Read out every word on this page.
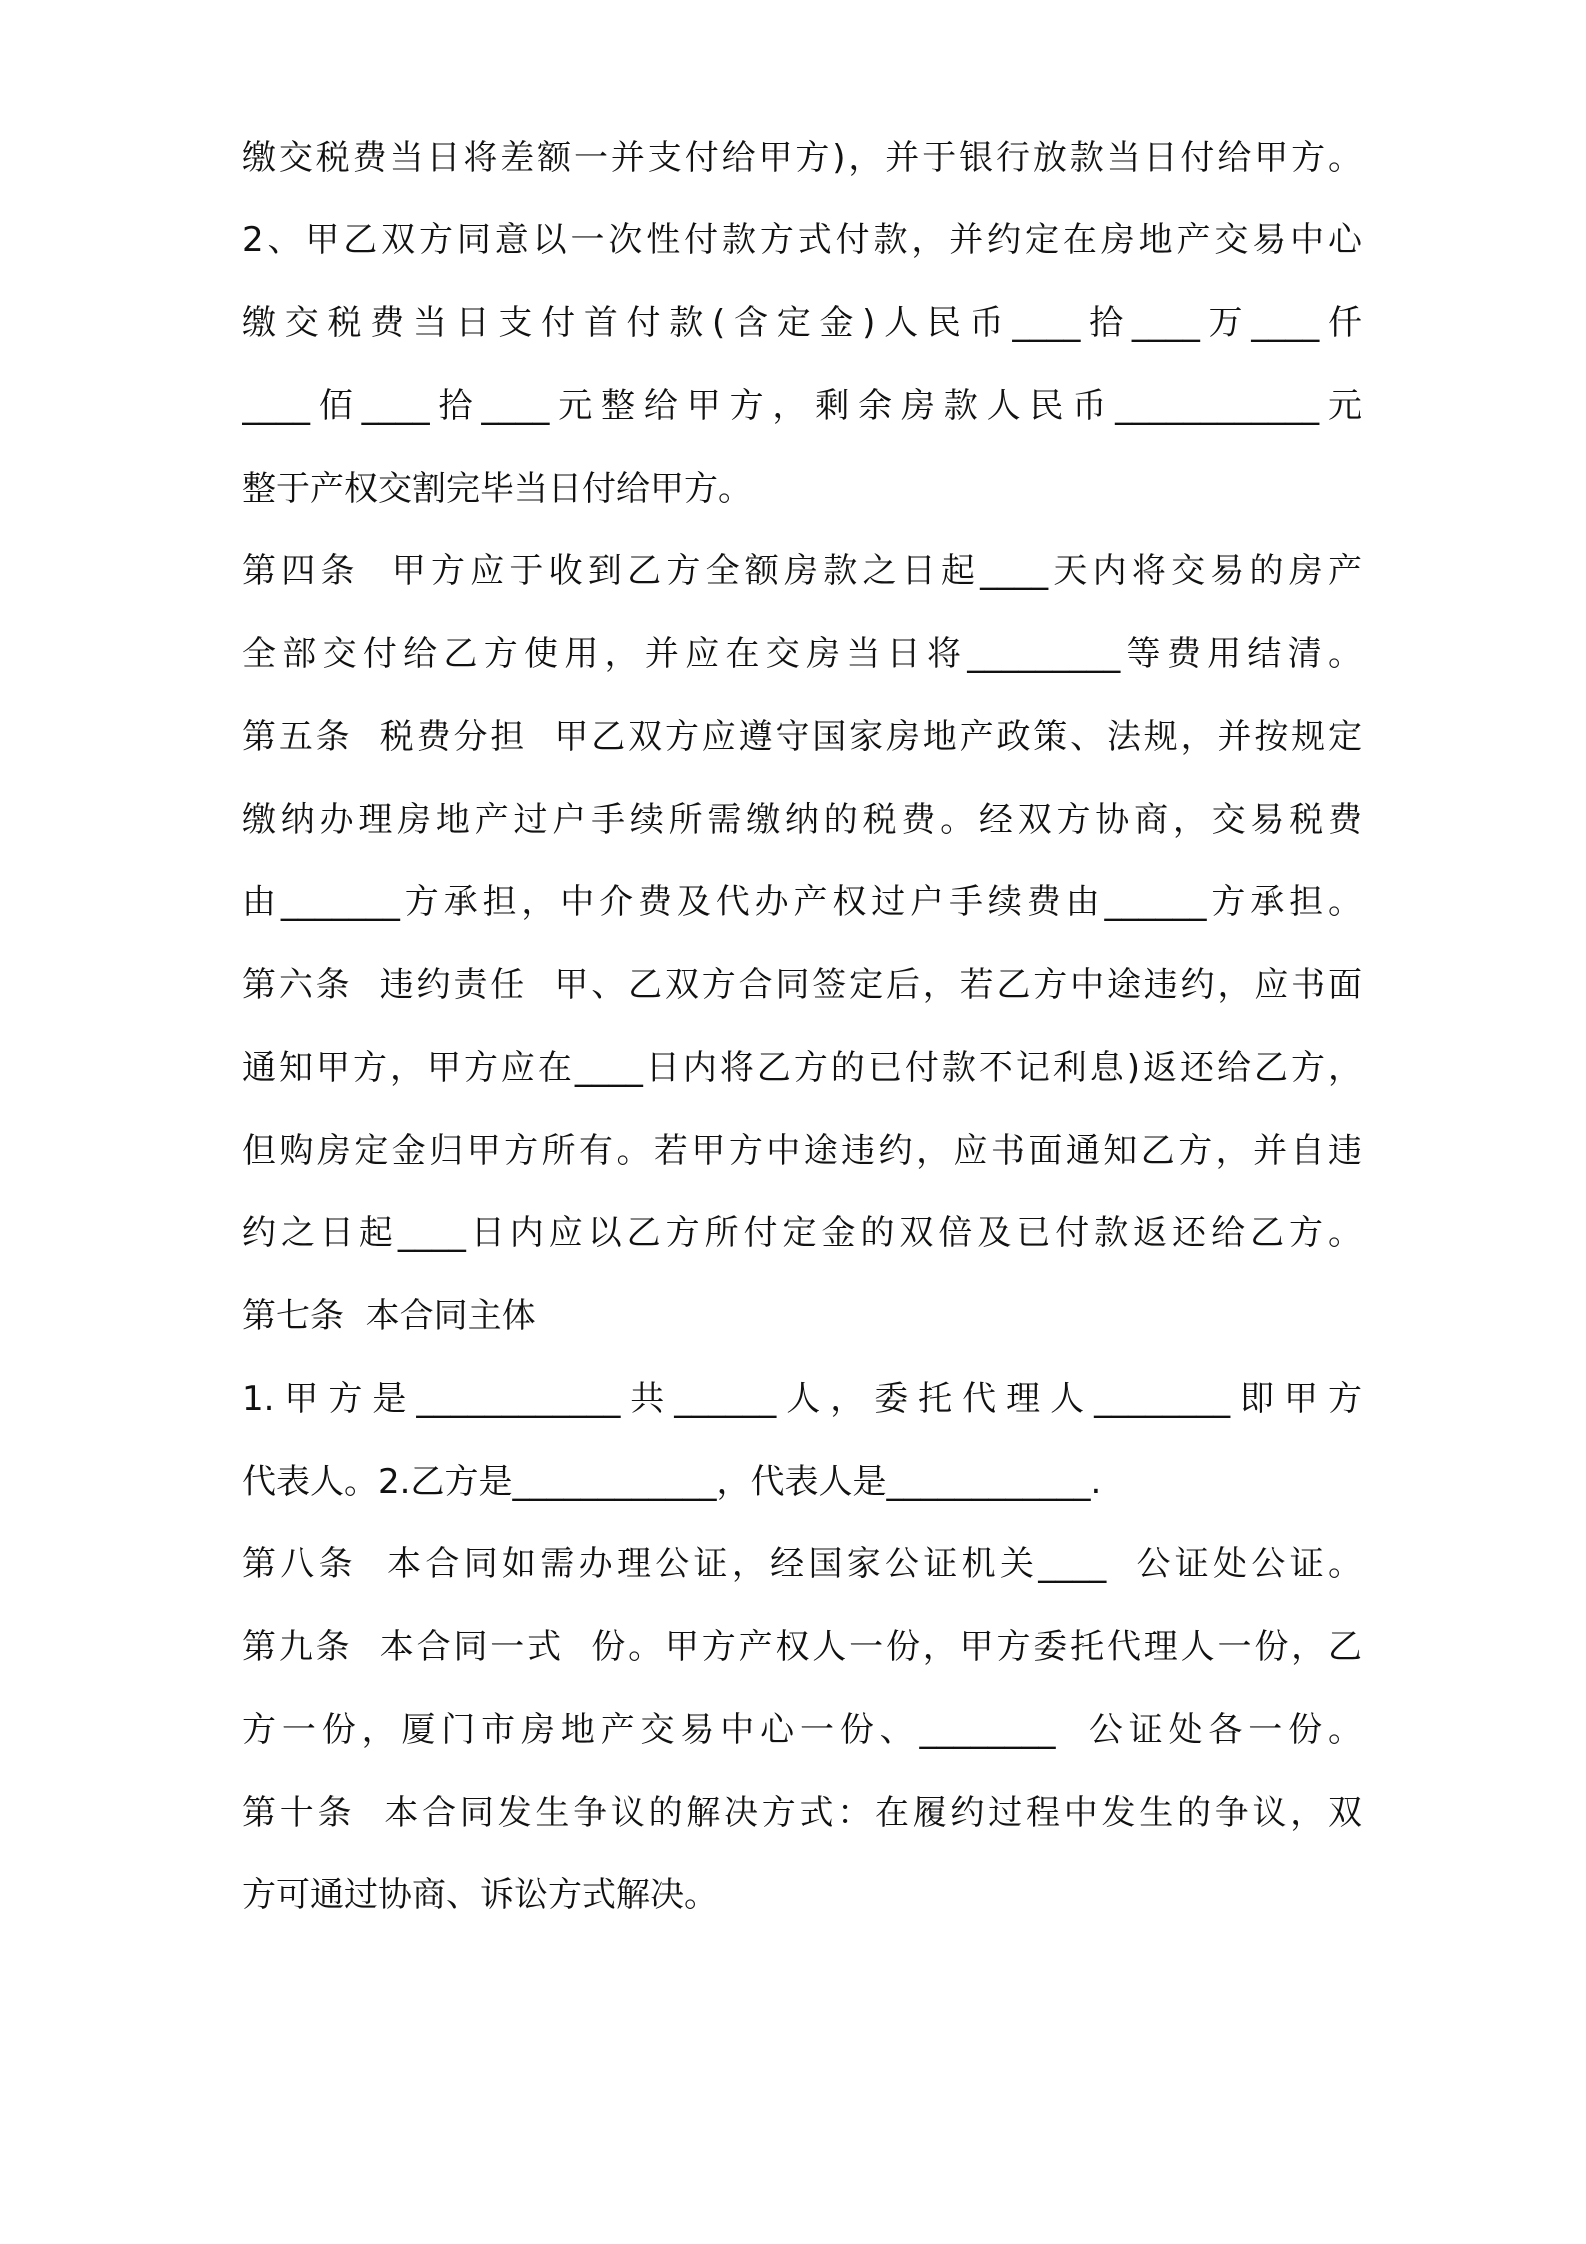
缴交税费当日将差额一并支付给甲方)，并于银行放款当日付给甲方。
2、甲乙双方同意以一次性付款方式付款，并约定在房地产交易中心
缴交税费当日支付首付款(含定金)人民币____拾____万____仟
____佰____拾____元整给甲方，剩余房款人民币____________元
整于产权交割完毕当日付给甲方。
第四条  甲方应于收到乙方全额房款之日起____天内将交易的房产
全部交付给乙方使用，并应在交房当日将_________等费用结清。
第五条  税费分担  甲乙双方应遵守国家房地产政策、法规，并按规定
缴纳办理房地产过户手续所需缴纳的税费。经双方协商，交易税费
由_______方承担，中介费及代办产权过户手续费由______方承担。
第六条  违约责任  甲、乙双方合同签定后，若乙方中途违约，应书面
通知甲方，甲方应在____日内将乙方的已付款不记利息)返还给乙方，
但购房定金归甲方所有。若甲方中途违约，应书面通知乙方，并自违
约之日起____日内应以乙方所付定金的双倍及已付款返还给乙方。
第七条  本合同主体
1.甲方是____________共______人，委托代理人________即甲方
代表人。2.乙方是____________，代表人是____________.
第八条  本合同如需办理公证，经国家公证机关____  公证处公证。
第九条  本合同一式  份。甲方产权人一份，甲方委托代理人一份，乙
方一份，厦门市房地产交易中心一份、________  公证处各一份。
第十条  本合同发生争议的解决方式：在履约过程中发生的争议，双
方可通过协商、诉讼方式解决。
